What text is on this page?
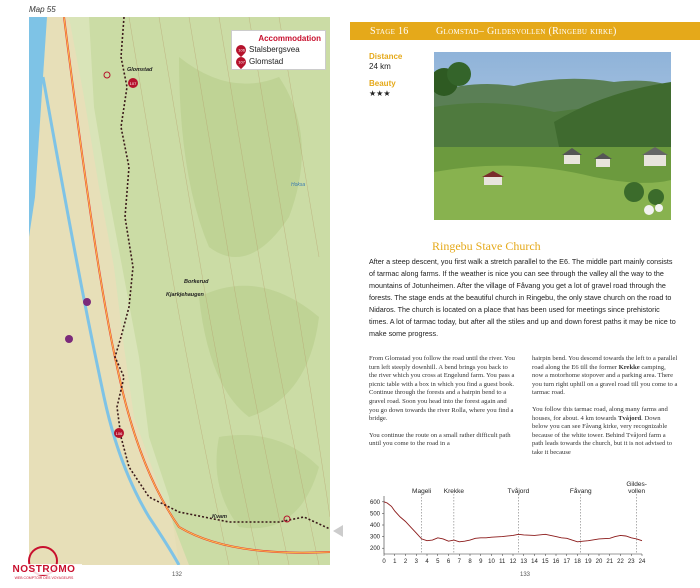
Map 55
107
106
Glomstad
Borkerud
Kjarkjehaugen
Kvam
Hoksa
Accommodation
106 Stalsbergsvea
107 Glomstad
132
NOSTROMO
WEB COMPTOIR DES VOYAGEURS
Stage 16	Glomstad– Gildesvollen (Ringebu kirke)
Distance
24 km
Beauty
★★★
Ringebu Stave Church
After a steep descent, you first walk a stretch parallel to the E6. The middle part mainly consists of tarmac along farms. If the weather is nice you can see through the valley all the way to the mountains of Jotunheimen. After the village of Fåvang you get a lot of gravel road through the forests. The stage ends at the beautiful church in Ringebu, the only stave church on the road to Nidaros. The church is located on a place that has been used for meetings since prehistoric times. A lot of tarmac today, but after all the stiles and up and down forest paths it may be nice to make some progress.

From Glomstad you follow the road until the river. You turn left steeply downhill. A bend brings you back to the river which you cross at Engelund farm. You pass a picnic table with a box in which you find a guest book. Continue through the forests and a hairpin bend to a gravel road. Soon you head into the forest again and you go down towards the river Rolla, where you find a bridge.

You continue the route on a small rather difficult path until you come to the road in a

hairpin bend. You descend towards the left to a parallel road along the E6 till the former Krekke camping, now a motorhome stopover and a parking area. There you turn right uphill on a gravel road till you come to a tarmac road.

You follow this tarmac road, along many farms and houses, for about. 4 km towards Tvåjord. Down below you can see Fåvang kirke, very recognizable because of the white tower. Behind Tvåjord farm a path leads towards the church, but it is not advised to take it because

200
300
400
500
600
0 1 2 3 4 5 6 7 8 9 10 11 12 13 14 15 16 17 18 19 20 21 22 23 24
Mageli Krekke	Tvåjord	Fåvang
Gildes-
vollen
133
